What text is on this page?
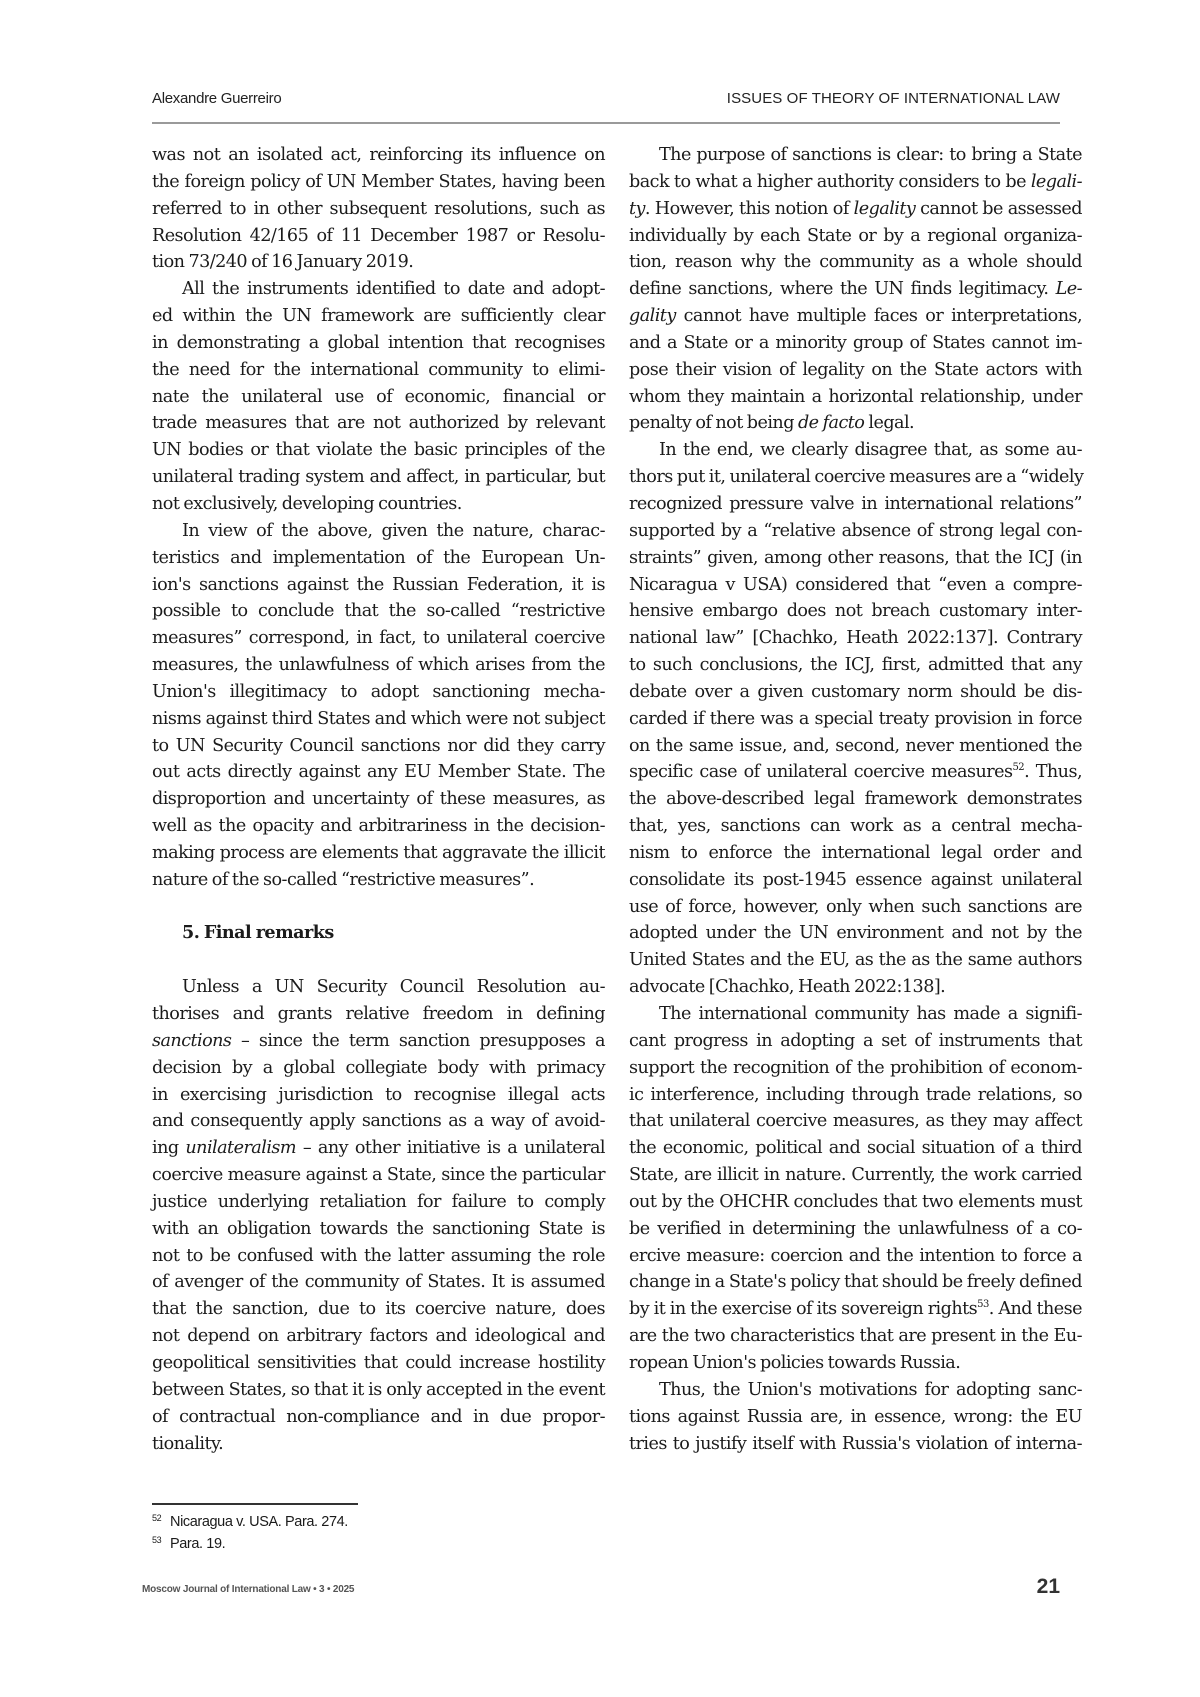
Alexandre Guerreiro	ISSUES OF THEORY OF INTERNATIONAL LAW
was not an isolated act, reinforcing its influence on
the foreign policy of UN Member States, having been
referred to in other subsequent resolutions, such as
Resolution 42/165 of 11 December 1987 or Resolu-
tion 73/240 of 16 January 2019.
All the instruments identified to date and adopt-
ed within the UN framework are sufficiently clear
in demonstrating a global intention that recognises
the need for the international community to elimi-
nate the unilateral use of economic, financial or
trade measures that are not authorized by relevant
UN bodies or that violate the basic principles of the
unilateral trading system and affect, in particular, but
not exclusively, developing countries.
In view of the above, given the nature, charac-
teristics and implementation of the European Un-
ion's sanctions against the Russian Federation, it is
possible to conclude that the so-called “restrictive
measures” correspond, in fact, to unilateral coercive
measures, the unlawfulness of which arises from the
Union's illegitimacy to adopt sanctioning mecha-
nisms against third States and which were not subject
to UN Security Council sanctions nor did they carry
out acts directly against any EU Member State. The
disproportion and uncertainty of these measures, as
well as the opacity and arbitrariness in the decision-
making process are elements that aggravate the illicit
nature of the so-called “restrictive measures”.
5. Final remarks
Unless a UN Security Council Resolution au-
thorises and grants relative freedom in defining
sanctions – since the term sanction presupposes a
decision by a global collegiate body with primacy
in exercising jurisdiction to recognise illegal acts
and consequently apply sanctions as a way of avoid-
ing unilateralism – any other initiative is a unilateral
coercive measure against a State, since the particular
justice underlying retaliation for failure to comply
with an obligation towards the sanctioning State is
not to be confused with the latter assuming the role
of avenger of the community of States. It is assumed
that the sanction, due to its coercive nature, does
not depend on arbitrary factors and ideological and
geopolitical sensitivities that could increase hostility
between States, so that it is only accepted in the event
of contractual non-compliance and in due propor-
tionality.
The purpose of sanctions is clear: to bring a State
back to what a higher authority considers to be legali-
ty. However, this notion of legality cannot be assessed
individually by each State or by a regional organiza-
tion, reason why the community as a whole should
define sanctions, where the UN finds legitimacy. Le-
gality cannot have multiple faces or interpretations,
and a State or a minority group of States cannot im-
pose their vision of legality on the State actors with
whom they maintain a horizontal relationship, under
penalty of not being de facto legal.
In the end, we clearly disagree that, as some au-
thors put it, unilateral coercive measures are a “widely
recognized pressure valve in international relations”
supported by a “relative absence of strong legal con-
straints” given, among other reasons, that the ICJ (in
Nicaragua v USA) considered that “even a compre-
hensive embargo does not breach customary inter-
national law” [Chachko, Heath 2022:137]. Contrary
to such conclusions, the ICJ, first, admitted that any
debate over a given customary norm should be dis-
carded if there was a special treaty provision in force
on the same issue, and, second, never mentioned the
specific case of unilateral coercive measures$^{52}$. Thus,
the above-described legal framework demonstrates
that, yes, sanctions can work as a central mecha-
nism to enforce the international legal order and
consolidate its post-1945 essence against unilateral
use of force, however, only when such sanctions are
adopted under the UN environment and not by the
United States and the EU, as the as the same authors
advocate [Chachko, Heath 2022:138].
The international community has made a signifi-
cant progress in adopting a set of instruments that
support the recognition of the prohibition of econom-
ic interference, including through trade relations, so
that unilateral coercive measures, as they may affect
the economic, political and social situation of a third
State, are illicit in nature. Currently, the work carried
out by the OHCHR concludes that two elements must
be verified in determining the unlawfulness of a co-
ercive measure: coercion and the intention to force a
change in a State's policy that should be freely defined
by it in the exercise of its sovereign rights$^{53}$. And these
are the two characteristics that are present in the Eu-
ropean Union's policies towards Russia.
Thus, the Union's motivations for adopting sanc-
tions against Russia are, in essence, wrong: the EU
tries to justify itself with Russia's violation of interna-
52 Nicaragua v. USA. Para. 274.
53 Para. 19.
Moscow Journal of International Law • 3 • 2025	21
